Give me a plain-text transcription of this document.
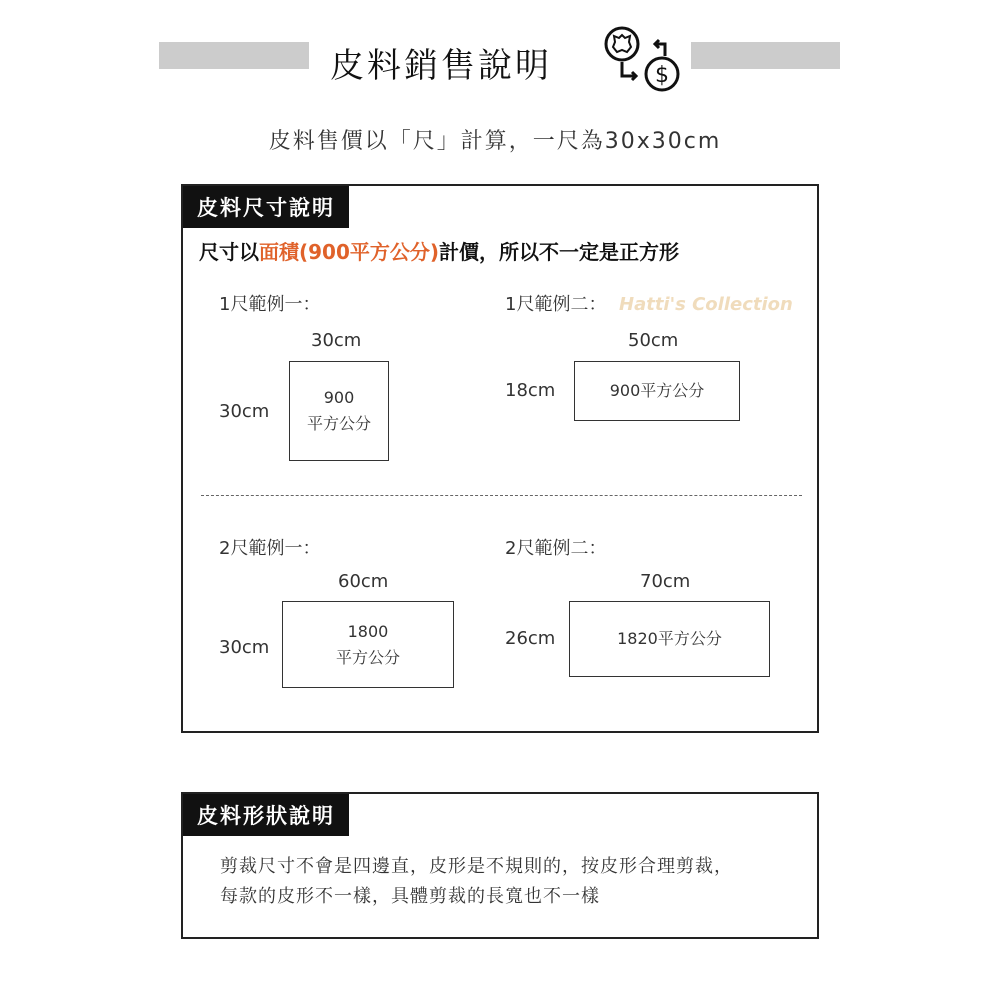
皮料銷售說明	$
皮料售價以「尺」計算，一尺為30x30cm
皮料尺寸說明
Hatti's Collection
尺寸以面積(900平方公分)計價，所以不一定是正方形
1尺範例一：
30cm
30cm
900
平方公分
1尺範例二：
50cm
18cm	900平方公分
2尺範例一：
60cm
30cm
1800
平方公分
2尺範例二：
70cm
26cm	1820平方公分
皮料形狀說明
剪裁尺寸不會是四邊直，皮形是不規則的，按皮形合理剪裁，
每款的皮形不一樣，具體剪裁的長寬也不一樣
